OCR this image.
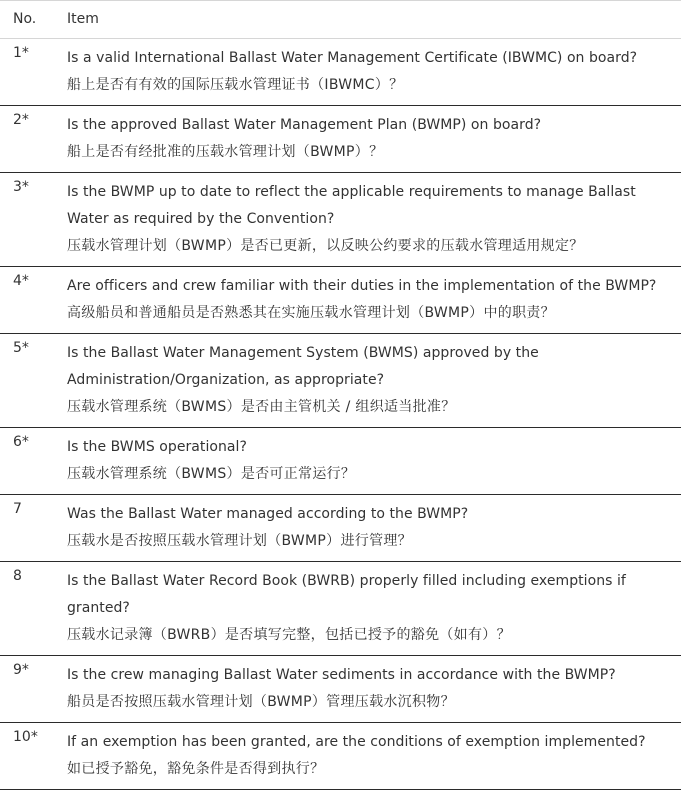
No.	Item
1*	Is a valid International Ballast Water Management Certificate (IBWMC) on board?
船上是否有有效的国际压载水管理证书（IBWMC）？

2*	Is the approved Ballast Water Management Plan (BWMP) on board?
船上是否有经批准的压载水管理计划（BWMP）？

3*	Is the BWMP up to date to reflect the applicable requirements to manage Ballast Water as required by the Convention?
压载水管理计划（BWMP）是否已更新，以反映公约要求的压载水管理适用规定？

4*	Are officers and crew familiar with their duties in the implementation of the BWMP?
高级船员和普通船员是否熟悉其在实施压载水管理计划（BWMP）中的职责？

5*	Is the Ballast Water Management System (BWMS) approved by the Administration/Organization, as appropriate?
压载水管理系统（BWMS）是否由主管机关 / 组织适当批准？

6*	Is the BWMS operational?
压载水管理系统（BWMS）是否可正常运行？

7	Was the Ballast Water managed according to the BWMP?
压载水是否按照压载水管理计划（BWMP）进行管理？

8	Is the Ballast Water Record Book (BWRB) properly filled including exemptions if granted?
压载水记录簿（BWRB）是否填写完整，包括已授予的豁免（如有）？

9*	Is the crew managing Ballast Water sediments in accordance with the BWMP?
船员是否按照压载水管理计划（BWMP）管理压载水沉积物？

10*	If an exemption has been granted, are the conditions of exemption implemented?
如已授予豁免，豁免条件是否得到执行？
